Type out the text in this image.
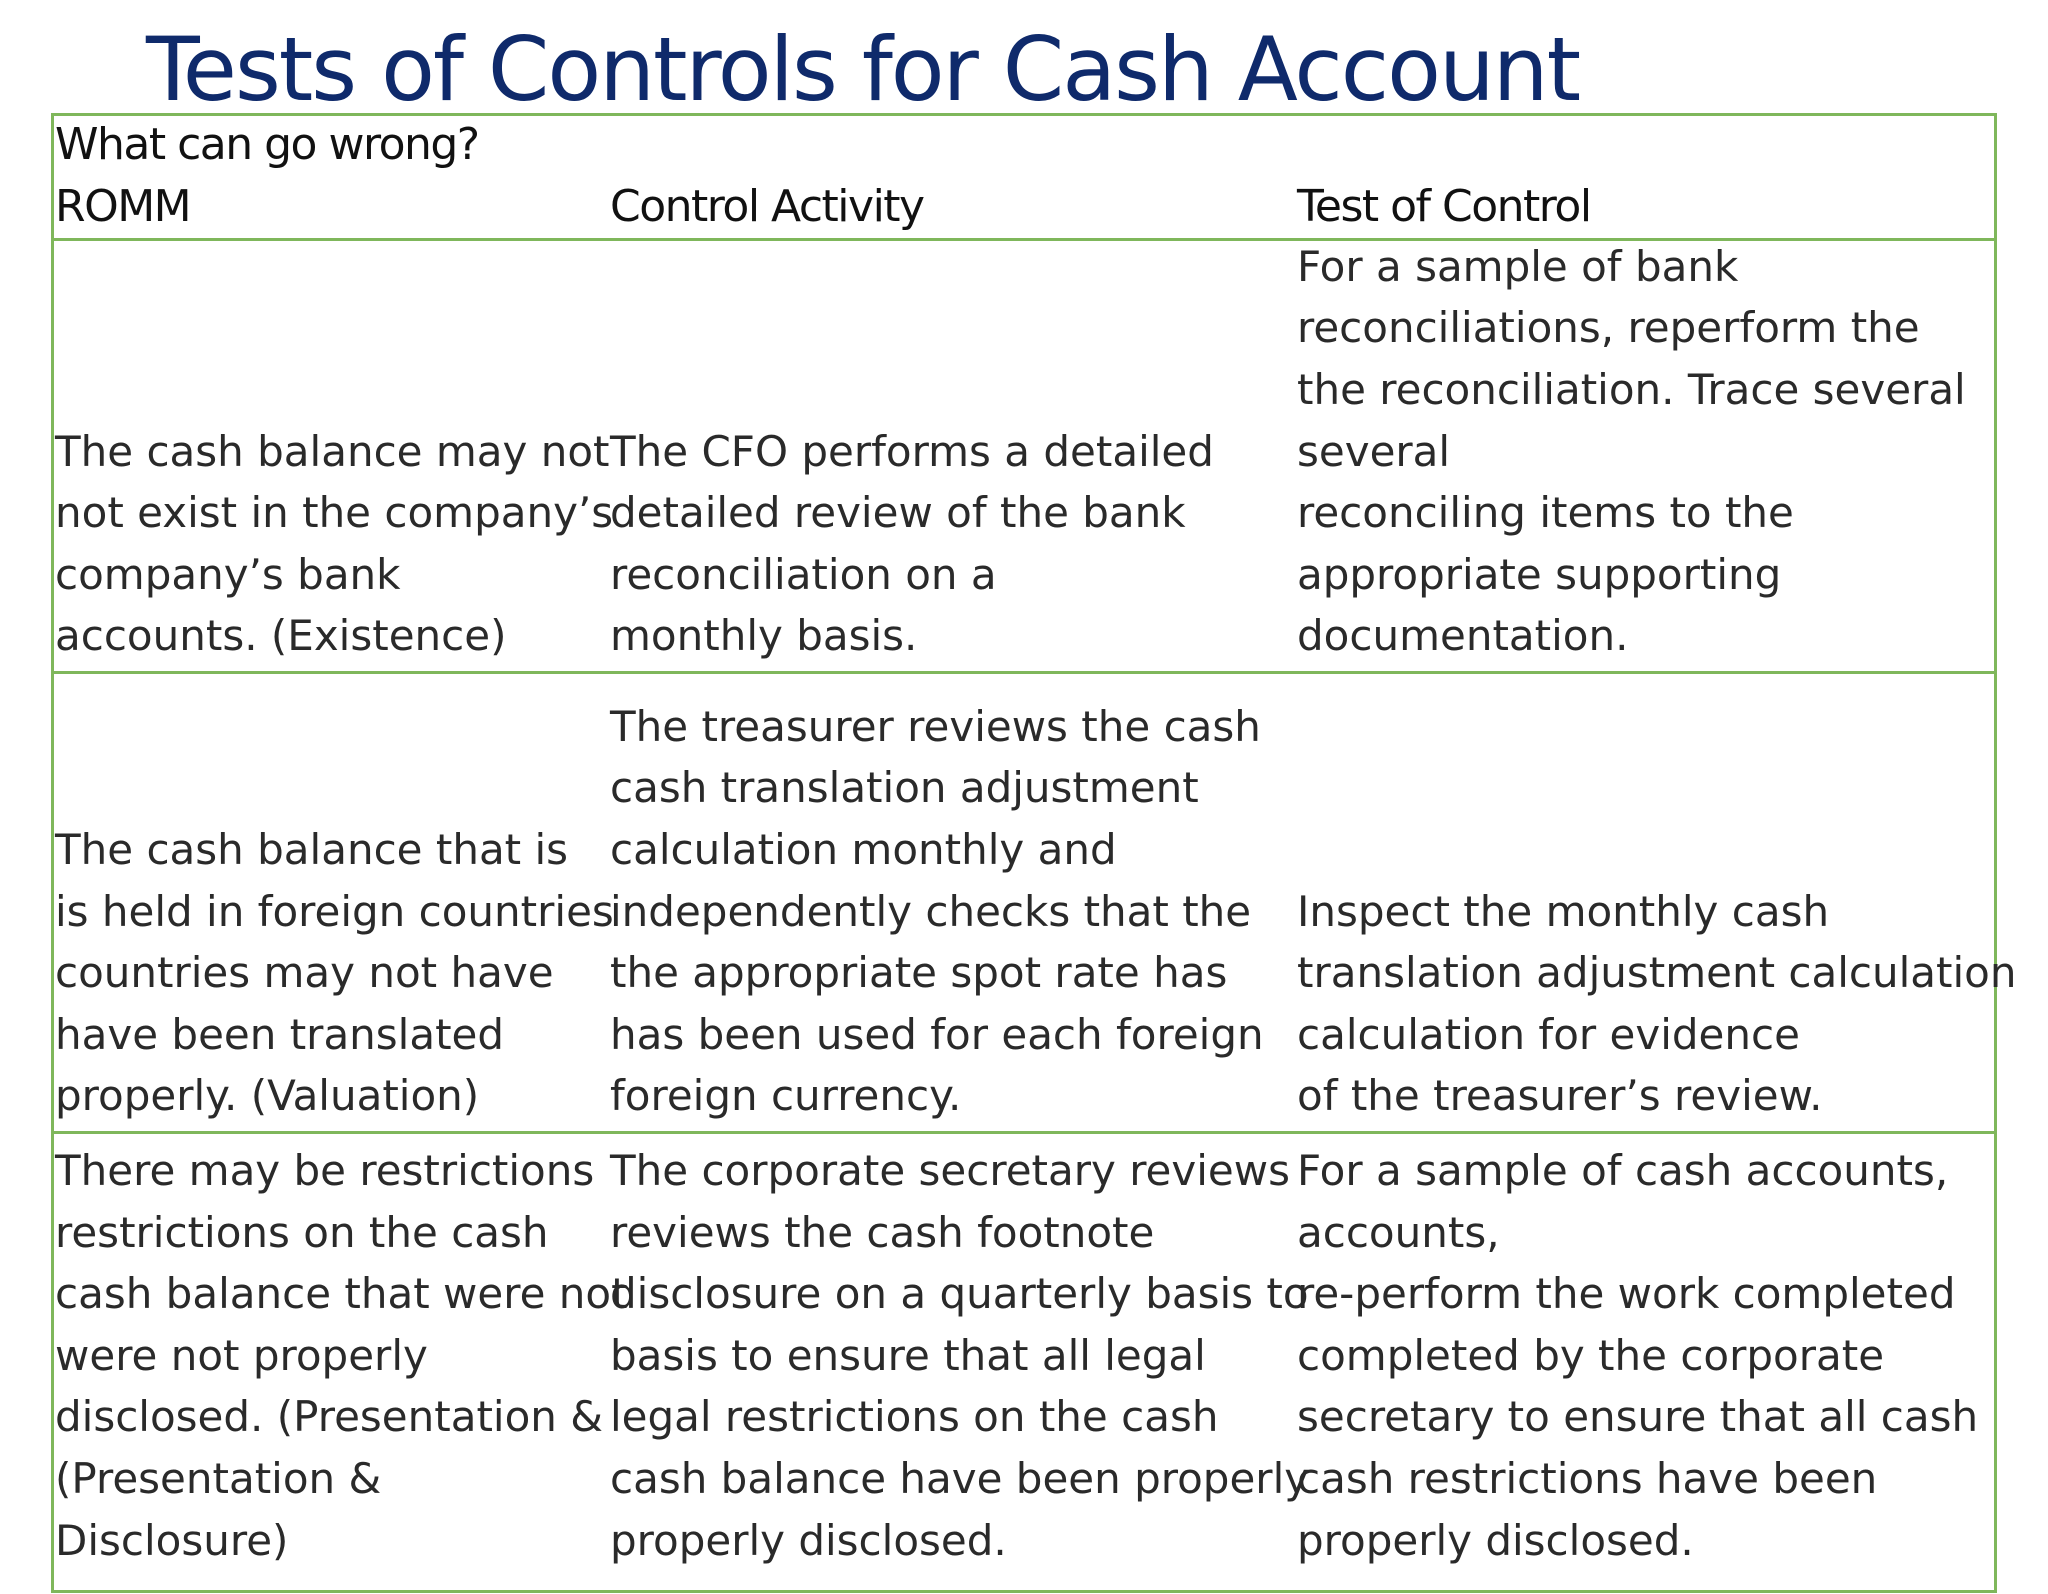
Tests of Controls for Cash Account
What can go wrong?
ROMM	Control Activity	Test of Control
The cash balance may not
not exist in the company’s
company’s bank
accounts. (Existence)
The CFO performs a detailed
detailed review of the bank
reconciliation on a
monthly basis.
For a sample of bank
reconciliations, reperform the
the reconciliation. Trace several
several
reconciling items to the
appropriate supporting
documentation.
The cash balance that is
is held in foreign countries
countries may not have
have been translated
properly. (Valuation)
The treasurer reviews the cash
cash translation adjustment
calculation monthly and
independently checks that the
the appropriate spot rate has
has been used for each foreign
foreign currency.
Inspect the monthly cash
translation adjustment calculation
calculation for evidence
of the treasurer’s review.
There may be restrictions
restrictions on the cash
cash balance that were not
were not properly
disclosed. (Presentation &
(Presentation &
Disclosure)
The corporate secretary reviews
reviews the cash footnote
disclosure on a quarterly basis to
basis to ensure that all legal
legal restrictions on the cash
cash balance have been properly
properly disclosed.
For a sample of cash accounts,
accounts,
re-perform the work completed
completed by the corporate
secretary to ensure that all cash
cash restrictions have been
properly disclosed.
